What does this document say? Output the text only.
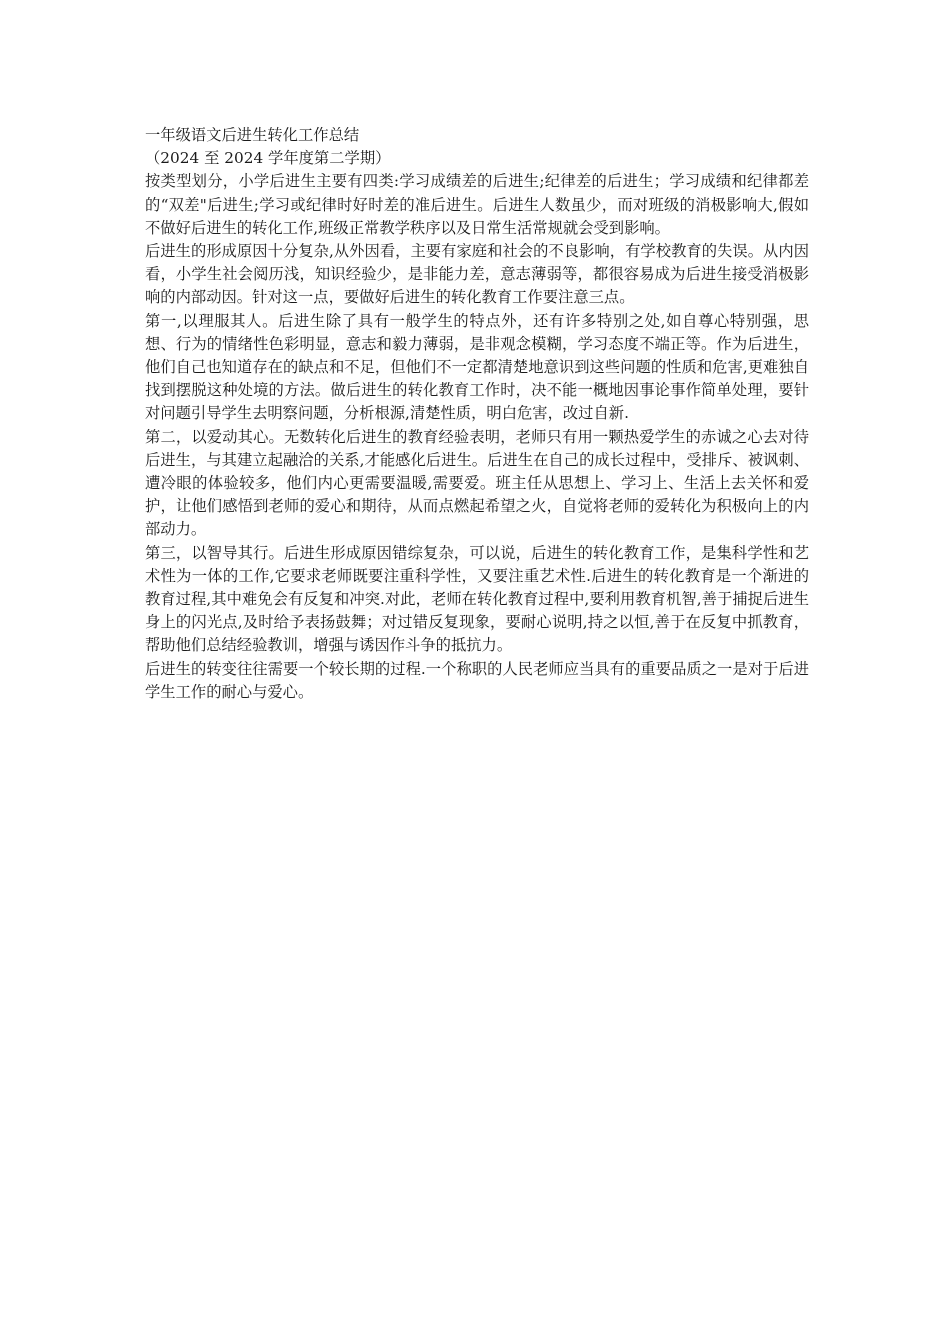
一年级语文后进生转化工作总结
（2024 至 2024 学年度第二学期）

按类型划分，小学后进生主要有四类:学习成绩差的后进生;纪律差的后进生；学习成绩和纪律都差的“双差"后进生;学习或纪律时好时差的准后进生。后进生人数虽少，而对班级的消极影响大,假如不做好后进生的转化工作,班级正常教学秩序以及日常生活常规就会受到影响。

后进生的形成原因十分复杂,从外因看，主要有家庭和社会的不良影响，有学校教育的失误。从内因看，小学生社会阅历浅，知识经验少，是非能力差，意志薄弱等，都很容易成为后进生接受消极影响的内部动因。针对这一点，要做好后进生的转化教育工作要注意三点。

第一,以理服其人。后进生除了具有一般学生的特点外，还有许多特别之处,如自尊心特别强，思想、行为的情绪性色彩明显，意志和毅力薄弱，是非观念模糊，学习态度不端正等。作为后进生，他们自己也知道存在的缺点和不足，但他们不一定都清楚地意识到这些问题的性质和危害,更难独自找到摆脱这种处境的方法。做后进生的转化教育工作时，决不能一概地因事论事作简单处理，要针对问题引导学生去明察问题，分析根源,清楚性质，明白危害，改过自新.

第二，以爱动其心。无数转化后进生的教育经验表明，老师只有用一颗热爱学生的赤诚之心去对待后进生，与其建立起融洽的关系,才能感化后进生。后进生在自己的成长过程中，受排斥、被讽刺、遭冷眼的体验较多，他们内心更需要温暖,需要爱。班主任从思想上、学习上、生活上去关怀和爱护，让他们感悟到老师的爱心和期待，从而点燃起希望之火，自觉将老师的爱转化为积极向上的内部动力。

第三，以智导其行。后进生形成原因错综复杂，可以说，后进生的转化教育工作，是集科学性和艺术性为一体的工作,它要求老师既要注重科学性，又要注重艺术性.后进生的转化教育是一个渐进的教育过程,其中难免会有反复和冲突.对此，老师在转化教育过程中,要利用教育机智,善于捕捉后进生身上的闪光点,及时给予表扬鼓舞；对过错反复现象，要耐心说明,持之以恒,善于在反复中抓教育，帮助他们总结经验教训，增强与诱因作斗争的抵抗力。

后进生的转变往往需要一个较长期的过程.一个称职的人民老师应当具有的重要品质之一是对于后进学生工作的耐心与爱心。
